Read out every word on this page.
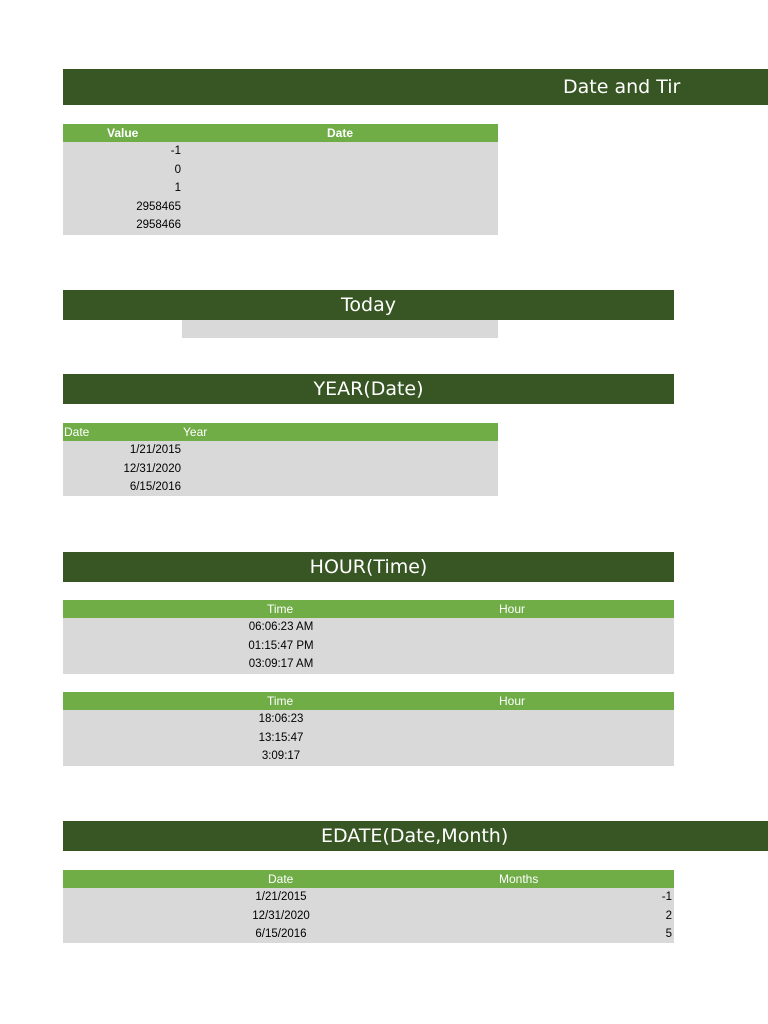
Date and Tir
Value	Date
-1
0
1
2958465
2958466
Today
YEAR(Date)
Date	Year
1/21/2015
12/31/2020
6/15/2016
HOUR(Time)
Time	Hour
06:06:23 AM
01:15:47 PM
03:09:17 AM
Time	Hour
18:06:23
13:15:47
3:09:17
EDATE(Date,Month)
Date	Months
1/21/2015	-1
12/31/2020	2
6/15/2016	5
